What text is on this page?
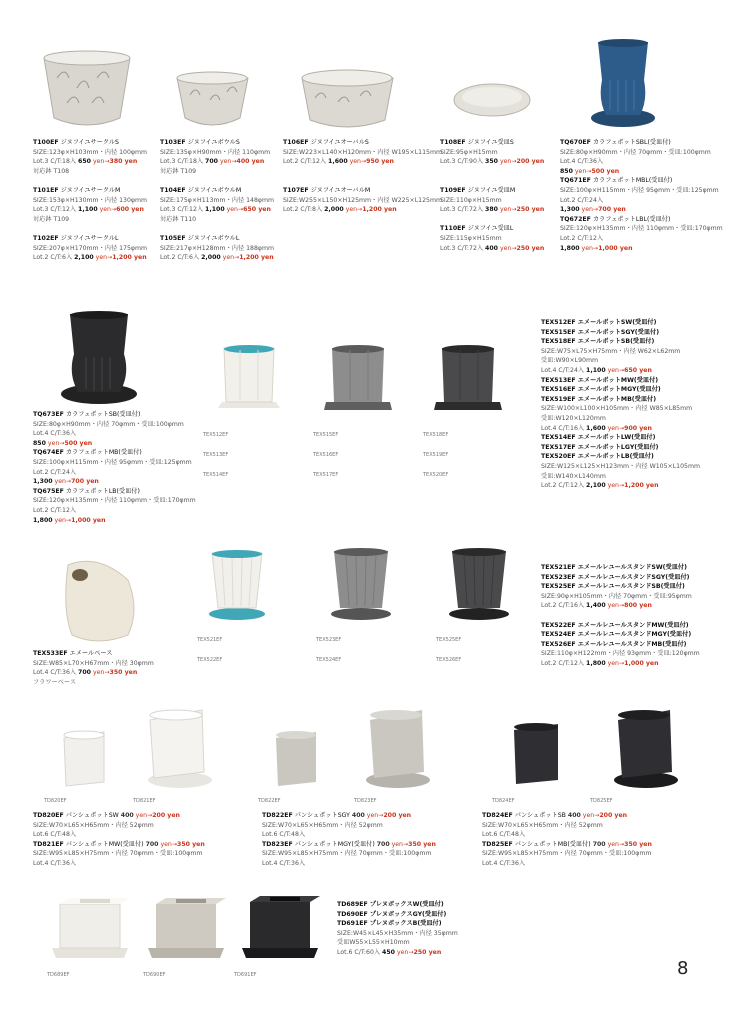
T100EF ジヌフイユサークルS
SIZE:123φ×H103mm・内径 100φmm
Lot.3 C/T:18入 650 yen→380 yen
対応鉢 T108

T101EF ジヌフイユサークルM
SIZE:153φ×H130mm・内径 130φmm
Lot.3 C/T:12入 1,100 yen→600 yen
対応鉢 T109

T102EF ジヌフイユサークルL
SIZE:207φ×H170mm・内径 175φmm
Lot.2 C/T:6入 2,100 yen→1,200 yen
T103EF ジヌフイユボウルS
SIZE:135φ×H90mm・内径 110φmm
Lot.3 C/T:18入 700 yen→400 yen
対応鉢 T109

T104EF ジヌフイユボウルM
SIZE:175φ×H113mm・内径 148φmm
Lot.3 C/T:12入 1,100 yen→650 yen
対応鉢 T110

T105EF ジヌフイユボウルL
SIZE:217φ×H128mm・内径 188φmm
Lot.2 C/T:6入 2,000 yen→1,200 yen
T106EF ジヌフイユオーバルS
SIZE:W223×L140×H120mm・内径 W195×L115mm
Lot.2 C/T:12入 1,600 yen→950 yen

T107EF ジヌフイユオーバルM
SIZE:W255×L150×H125mm・内径 W225×L125mm
Lot.2 C/T:8入 2,000 yen→1,200 yen
T108EF ジヌフイユ受皿S
SIZE:95φ×H15mm
Lot.3 C/T:90入 350 yen→200 yen

T109EF ジヌフイユ受皿M
SIZE:110φ×H15mm
Lot.3 C/T:72入 380 yen→250 yen

T110EF ジヌフイユ受皿L
SIZE:115φ×H15mm
Lot.3 C/T:72入 400 yen→250 yen
TQ670EF カラフェポットSBL(受皿付)
SIZE:80φ×H90mm・内径 70φmm・受皿:100φmm
Lot.4 C/T:36入
850 yen→500 yen
TQ671EF カラフェポットMBL(受皿付)
SIZE:100φ×H115mm・内径 95φmm・受皿:125φmm
Lot.2 C/T:24入
1,300 yen→700 yen
TQ672EF カラフェポットLBL(受皿付)
SIZE:120φ×H135mm・内径 110φmm・受皿:170φmm
Lot.2 C/T:12入
1,800 yen→1,000 yen
TEX512EF	TEX515EF	TEX518EF
TEX513EF	TEX516EF	TEX519EF
TEX514EF	TEX517EF	TEX520EF
TQ673EF カラフェポットSB(受皿付)
SIZE:80φ×H90mm・内径 70φmm・受皿:100φmm
Lot.4 C/T:36入
850 yen→500 yen
TQ674EF カラフェポットMB(受皿付)
SIZE:100φ×H115mm・内径 95φmm・受皿:125φmm
Lot.2 C/T:24入
1,300 yen→700 yen
TQ675EF カラフェポットLB(受皿付)
SIZE:120φ×H135mm・内径 110φmm・受皿:170φmm
Lot.2 C/T:12入
1,800 yen→1,000 yen
TEX512EF エメールポットSW(受皿付)
TEX515EF エメールポットSGY(受皿付)
TEX518EF エメールポットSB(受皿付)
SIZE:W75×L75×H75mm・内径 W62×L62mm
受皿:W90×L90mm
Lot.4 C/T:24入 1,100 yen→650 yen
TEX513EF エメールポットMW(受皿付)
TEX516EF エメールポットMGY(受皿付)
TEX519EF エメールポットMB(受皿付)
SIZE:W100×L100×H105mm・内径 W85×L85mm
受皿:W120×L120mm
Lot.4 C/T:16入 1,600 yen→900 yen
TEX514EF エメールポットLW(受皿付)
TEX517EF エメールポットLGY(受皿付)
TEX520EF エメールポットLB(受皿付)
SIZE:W125×L125×H123mm・内径 W105×L105mm
受皿:W140×L140mm
Lot.2 C/T:12入 2,100 yen→1,200 yen
TEX521EF	TEX523EF	TEX525EF
TEX522EF	TEX524EF	TEX526EF
TEX533EF エメールベース
SIZE:W85×L70×H67mm・内径 30φmm
Lot.4 C/T:36入 700 yen→350 yen
フラワーベース
TEX521EF エメールレユールスタンドSW(受皿付)
TEX523EF エメールレユールスタンドSGY(受皿付)
TEX525EF エメールレユールスタンドSB(受皿付)
SIZE:90φ×H105mm・内径 70φmm・受皿:95φmm
Lot.2 C/T:16入 1,400 yen→800 yen

TEX522EF エメールレユールスタンドMW(受皿付)
TEX524EF エメールレユールスタンドMGY(受皿付)
TEX526EF エメールレユールスタンドMB(受皿付)
SIZE:110φ×H122mm・内径 93φmm・受皿:120φmm
Lot.2 C/T:12入 1,800 yen→1,000 yen
TD820EF	TD821EF	TD822EF	TD823EF	TD824EF	TD825EF
TD820EF パンシュポットSW 400 yen→200 yen
SIZE:W70×L65×H65mm・内径 52φmm
Lot.6 C/T:48入
TD821EF パンシュポットMW(受皿付) 700 yen→350 yen
SIZE:W95×L85×H75mm・内径 70φmm・受皿:100φmm
Lot.4 C/T:36入
TD822EF パンシュポットSGY 400 yen→200 yen
SIZE:W70×L65×H65mm・内径 52φmm
Lot.6 C/T:48入
TD823EF パンシュポットMGY(受皿付) 700 yen→350 yen
SIZE:W95×L85×H75mm・内径 70φmm・受皿:100φmm
Lot.4 C/T:36入
TD824EF パンシュポットSB 400 yen→200 yen
SIZE:W70×L65×H65mm・内径 52φmm
Lot.6 C/T:48入
TD825EF パンシュポットMB(受皿付) 700 yen→350 yen
SIZE:W95×L85×H75mm・内径 70φmm・受皿:100φmm
Lot.4 C/T:36入
TD689EF	TD690EF	TD691EF
TD689EF プレヌボックスW(受皿付)
TD690EF プレヌボックスGY(受皿付)
TD691EF プレヌボックスB(受皿付)
SIZE:W45×L45×H35mm・内径 35φmm
受皿W55×L55×H10mm
Lot.6 C/T:60入 450 yen→250 yen
8
